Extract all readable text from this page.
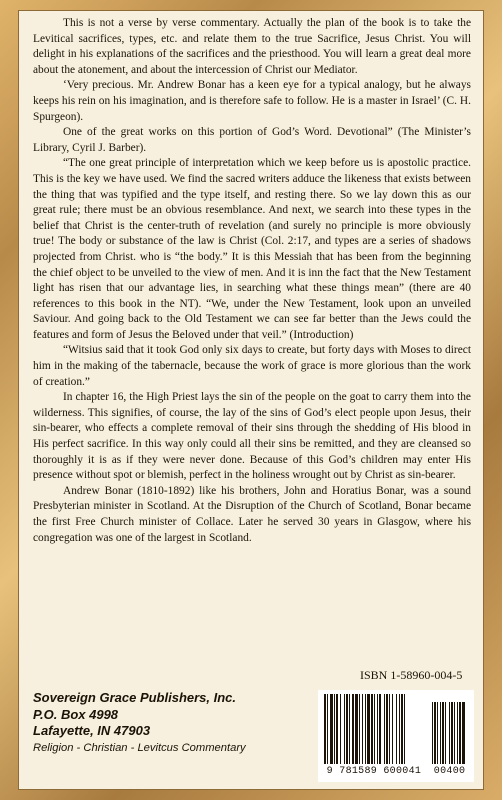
This is not a verse by verse commentary. Actually the plan of the book is to take the Levitical sacrifices, types, etc. and relate them to the true Sacrifice, Jesus Christ. You will delight in his explanations of the sacrifices and the priesthood. You will learn a great deal more about the atonement, and about the intercession of Christ our Mediator.

‘Very precious. Mr. Andrew Bonar has a keen eye for a typical analogy, but he always keeps his rein on his imagination, and is therefore safe to follow. He is a master in Israel’ (C. H. Spurgeon).

One of the great works on this portion of God’s Word. Devotional” (The Minister’s Library, Cyril J. Barber).

“The one great principle of interpretation which we keep before us is apostolic practice. This is the key we have used. We find the sacred writers adduce the likeness that exists between the thing that was typified and the type itself, and resting there. So we lay down this as our great rule; there must be an obvious resemblance. And next, we search into these types in the belief that Christ is the center-truth of revelation (and surely no principle is more obviously true! The body or substance of the law is Christ (Col. 2:17, and types are a series of shadows projected from Christ. who is “the body.” It is this Messiah that has been from the beginning the chief object to be unveiled to the view of men. And it is inn the fact that the New Testament light has risen that our advantage lies, in searching what these things mean” (there are 40 references to this book in the NT). “We, under the New Testament, look upon an unveiled Saviour. And going back to the Old Testament we can see far better than the Jews could the features and form of Jesus the Beloved under that veil.” (Introduction)

“Witsius said that it took God only six days to create, but forty days with Moses to direct him in the making of the tabernacle, because the work of grace is more glorious than the work of creation.”

In chapter 16, the High Priest lays the sin of the people on the goat to carry them into the wilderness. This signifies, of course, the lay of the sins of God’s elect people upon Jesus, their sin-bearer, who effects a complete removal of their sins through the shedding of His blood in His perfect sacrifice. In this way only could all their sins be remitted, and they are cleansed so thoroughly it is as if they were never done. Because of this God’s children may enter His presence without spot or blemish, perfect in the holiness wrought out by Christ as sin-bearer.

Andrew Bonar (1810-1892) like his brothers, John and Horatius Bonar, was a sound Presbyterian minister in Scotland. At the Disruption of the Church of Scotland, Bonar became the first Free Church minister of Collace. Later he served 30 years in Glasgow, where his congregation was one of the largest in Scotland.

ISBN 1-58960-004-5
Sovereign Grace Publishers, Inc.
P.O. Box 4998
Lafayette, IN 47903
Religion - Christian - Levitcus Commentary
9 781589 600041 00400
